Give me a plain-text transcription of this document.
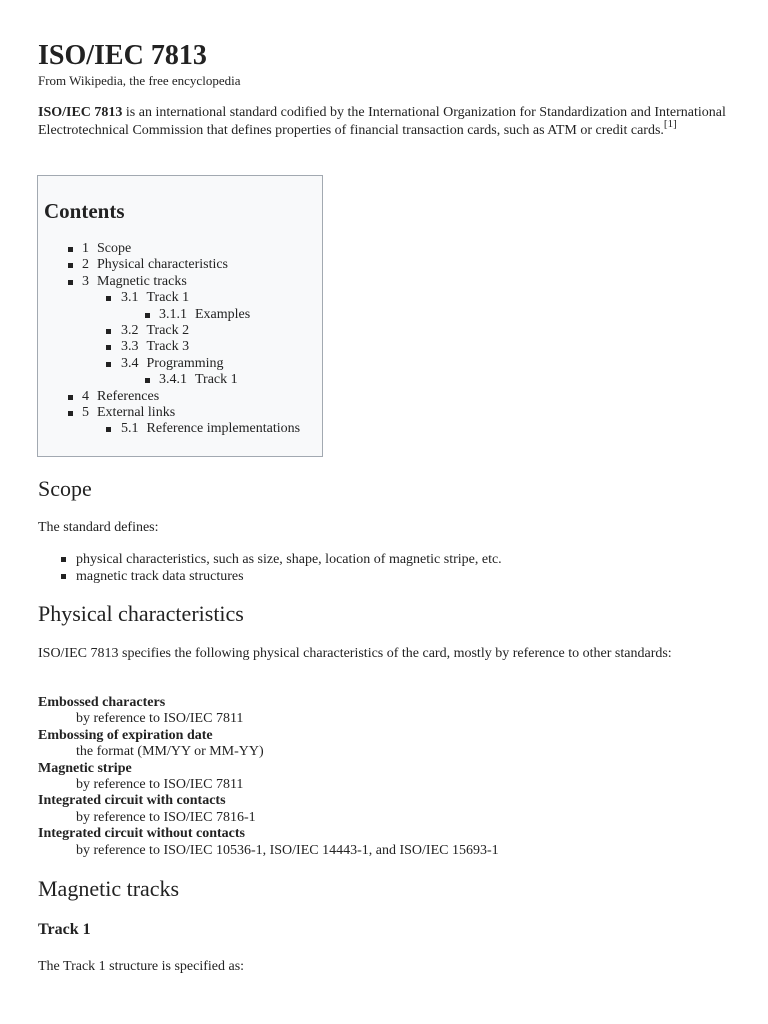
ISO/IEC 7813
From Wikipedia, the free encyclopedia

ISO/IEC 7813 is an international standard codified by the International Organization for Standardization and International Electrotechnical Commission that defines properties of financial transaction cards, such as ATM or credit cards.[1]

Contents
1 Scope
2 Physical characteristics
3 Magnetic tracks
3.1 Track 1
3.1.1 Examples
3.2 Track 2
3.3 Track 3
3.4 Programming
3.4.1 Track 1
4 References
5 External links
5.1 Reference implementations
Scope

The standard defines:

physical characteristics, such as size, shape, location of magnetic stripe, etc.
magnetic track data structures
Physical characteristics

ISO/IEC 7813 specifies the following physical characteristics of the card, mostly by reference to other standards:

Embossed characters
by reference to ISO/IEC 7811
Embossing of expiration date
the format (MM/YY or MM-YY)
Magnetic stripe
by reference to ISO/IEC 7811
Integrated circuit with contacts
by reference to ISO/IEC 7816-1
Integrated circuit without contacts
by reference to ISO/IEC 10536-1, ISO/IEC 14443-1, and ISO/IEC 15693-1
Magnetic tracks
Track 1

The Track 1 structure is specified as:
